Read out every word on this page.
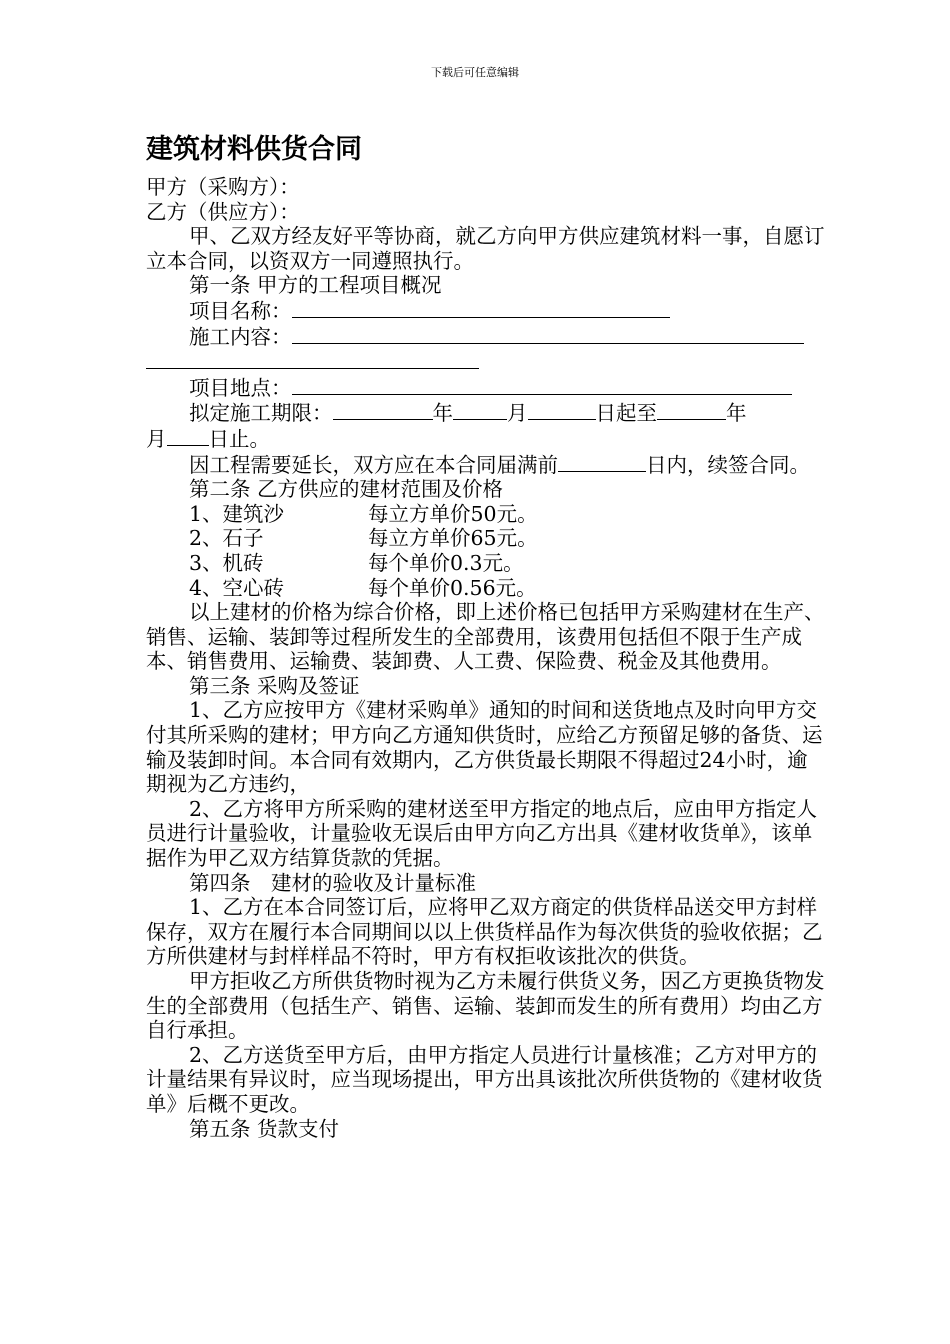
下载后可任意编辑
建筑材料供货合同

甲方（采购方）：

乙方（供应方）：

甲、乙双方经友好平等协商，就乙方向甲方供应建筑材料一事，自愿订立本合同，以资双方一同遵照执行。

第一条 甲方的工程项目概况

项目名称：

施工内容：

项目地点：

拟定施工期限：	年	月	日起至	年

月 日止。

因工程需要延长，双方应在本合同届满前	日内，续签合同。

第二条 乙方供应的建材范围及价格

1、建筑沙	每立方单价50元。

2、石子	每立方单价65元。

3、机砖	每个单价0.3元。

4、空心砖	每个单价0.56元。

以上建材的价格为综合价格，即上述价格已包括甲方采购建材在生产、销售、运输、装卸等过程所发生的全部费用，该费用包括但不限于生产成本、销售费用、运输费、装卸费、人工费、保险费、税金及其他费用。

第三条 采购及签证

1、乙方应按甲方《建材采购单》通知的时间和送货地点及时向甲方交付其所采购的建材；甲方向乙方通知供货时，应给乙方预留足够的备货、运输及装卸时间。本合同有效期内，乙方供货最长期限不得超过24小时，逾期视为乙方违约，

2、乙方将甲方所采购的建材送至甲方指定的地点后，应由甲方指定人员进行计量验收，计量验收无误后由甲方向乙方出具《建材收货单》，该单据作为甲乙双方结算货款的凭据。

第四条　建材的验收及计量标准

1、乙方在本合同签订后，应将甲乙双方商定的供货样品送交甲方封样保存，双方在履行本合同期间以以上供货样品作为每次供货的验收依据；乙方所供建材与封样样品不符时，甲方有权拒收该批次的供货。

甲方拒收乙方所供货物时视为乙方未履行供货义务，因乙方更换货物发生的全部费用（包括生产、销售、运输、装卸而发生的所有费用）均由乙方自行承担。

2、乙方送货至甲方后，由甲方指定人员进行计量核准；乙方对甲方的计量结果有异议时，应当现场提出，甲方出具该批次所供货物的《建材收货单》后概不更改。

第五条 货款支付
